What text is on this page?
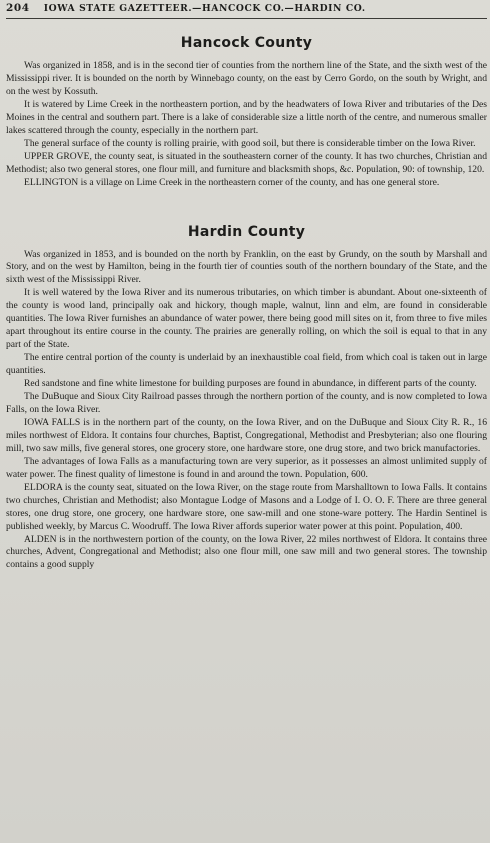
204 IOWA STATE GAZETTEER.—HANCOCK CO.—HARDIN CO.
Hancock County

Was organized in 1858, and is in the second tier of counties from the northern line of the State, and the sixth west of the Mississippi river. It is bounded on the north by Winnebago county, on the east by Cerro Gordo, on the south by Wright, and on the west by Kossuth.

It is watered by Lime Creek in the northeastern portion, and by the headwaters of Iowa River and tributaries of the Des Moines in the central and southern part. There is a lake of considerable size a little north of the centre, and numerous smaller lakes scattered through the county, especially in the northern part.

The general surface of the county is rolling prairie, with good soil, but there is considerable timber on the Iowa River.

UPPER GROVE, the county seat, is situated in the southeastern corner of the county. It has two churches, Christian and Methodist; also two general stores, one flour mill, and furniture and blacksmith shops, &c. Population, 90: of township, 120.

ELLINGTON is a village on Lime Creek in the northeastern corner of the county, and has one general store.

Hardin County

Was organized in 1853, and is bounded on the north by Franklin, on the east by Grundy, on the south by Marshall and Story, and on the west by Hamilton, being in the fourth tier of counties south of the northern boundary of the State, and the sixth west of the Mississippi River.

It is well watered by the Iowa River and its numerous tributaries, on which timber is abundant. About one-sixteenth of the county is wood land, principally oak and hickory, though maple, walnut, linn and elm, are found in considerable quantities. The Iowa River furnishes an abundance of water power, there being good mill sites on it, from three to five miles apart throughout its entire course in the county. The prairies are generally rolling, on which the soil is equal to that in any part of the State.

The entire central portion of the county is underlaid by an inexhaustible coal field, from which coal is taken out in large quantities.

Red sandstone and fine white limestone for building purposes are found in abundance, in different parts of the county.

The DuBuque and Sioux City Railroad passes through the northern portion of the county, and is now completed to Iowa Falls, on the Iowa River.

IOWA FALLS is in the northern part of the county, on the Iowa River, and on the DuBuque and Sioux City R. R., 16 miles northwest of Eldora. It contains four churches, Baptist, Congregational, Methodist and Presbyterian; also one flouring mill, two saw mills, five general stores, one grocery store, one hardware store, one drug store, and two brick manufactories.

The advantages of Iowa Falls as a manufacturing town are very superior, as it possesses an almost unlimited supply of water power. The finest quality of limestone is found in and around the town. Population, 600.

ELDORA is the county seat, situated on the Iowa River, on the stage route from Marshalltown to Iowa Falls. It contains two churches, Christian and Methodist; also Montague Lodge of Masons and a Lodge of I. O. O. F. There are three general stores, one drug store, one grocery, one hardware store, one saw-mill and one stone-ware pottery. The Hardin Sentinel is published weekly, by Marcus C. Woodruff. The Iowa River affords superior water power at this point. Population, 400.

ALDEN is in the northwestern portion of the county, on the Iowa River, 22 miles northwest of Eldora. It contains three churches, Advent, Congregational and Methodist; also one flour mill, one saw mill and two general stores. The township contains a good supply
